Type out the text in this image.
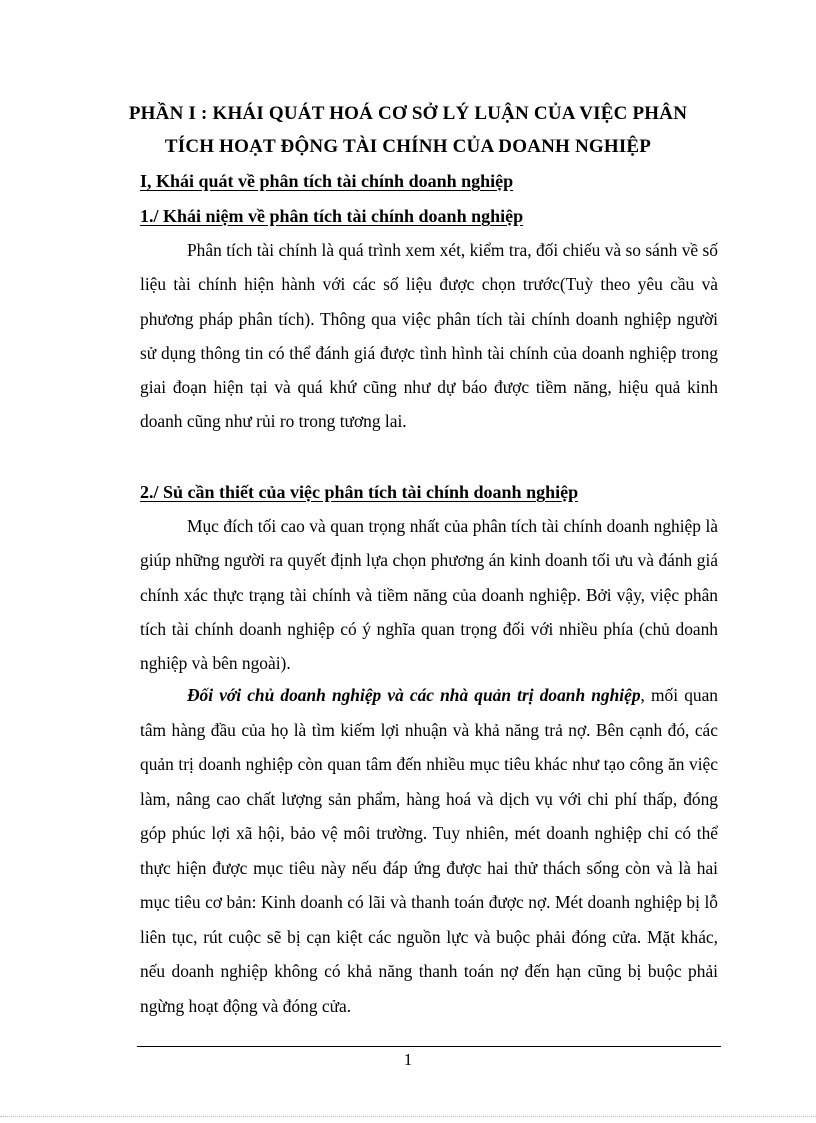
PHẦN I : KHÁI QUÁT HOÁ CƠ SỞ LÝ LUẬN CỦA VIỆC PHÂN
TÍCH HOẠT ĐỘNG TÀI CHÍNH CỦA DOANH NGHIỆP
I, Khái quát về phân tích tài chính doanh nghiệp
1./ Khái niệm về phân tích tài chính doanh nghiệp

Phân tích tài chính là quá trình xem xét, kiểm tra, đối chiếu và so sánh về số liệu tài chính hiện hành với các số liệu được chọn trước(Tuỳ theo yêu cầu và phương pháp phân tích). Thông qua việc phân tích tài chính doanh nghiệp người sử dụng thông tin có thể đánh giá được tình hình tài chính của doanh nghiệp trong giai đoạn hiện tại và quá khứ cũng như dự báo được tiềm năng, hiệu quả kinh doanh cũng như rủi ro trong tương lai.

2./ Sủ cần thiết của việc phân tích tài chính doanh nghiệp

Mục đích tối cao và quan trọng nhất của phân tích tài chính doanh nghiệp là giúp những người ra quyết định lựa chọn phương án kinh doanh tối ưu và đánh giá chính xác thực trạng tài chính và tiềm năng của doanh nghiệp. Bởi vậy, việc phân tích tài chính doanh nghiệp có ý nghĩa quan trọng đối với nhiều phía (chủ doanh nghiệp và bên ngoài).

Đối với chủ doanh nghiệp và các nhà quản trị doanh nghiệp, mối quan tâm hàng đầu của họ là tìm kiếm lợi nhuận và khả năng trả nợ. Bên cạnh đó, các quản trị doanh nghiệp còn quan tâm đến nhiều mục tiêu khác như tạo công ăn việc làm, nâng cao chất lượng sản phẩm, hàng hoá và dịch vụ với chi phí thấp, đóng góp phúc lợi xã hội, bảo vệ môi trường. Tuy nhiên, mét doanh nghiệp chỉ có thể thực hiện được mục tiêu này nếu đáp ứng được hai thử thách sống còn và là hai mục tiêu cơ bản: Kinh doanh có lãi và thanh toán được nợ. Mét doanh nghiệp bị lỗ liên tục, rút cuộc sẽ bị cạn kiệt các nguồn lực và buộc phải đóng cửa. Mặt khác, nếu doanh nghiệp không có khả năng thanh toán nợ đến hạn cũng bị buộc phải ngừng hoạt động và đóng cửa.

1
